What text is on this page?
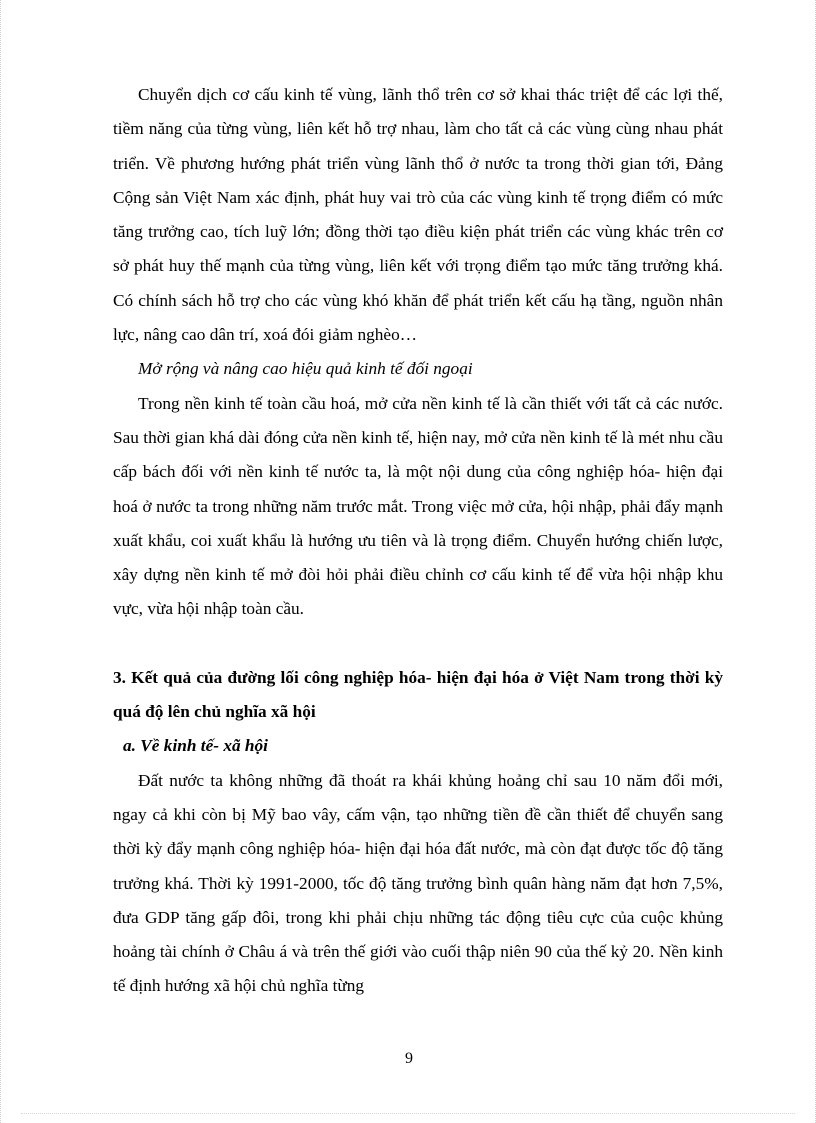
Chuyển dịch cơ cấu kinh tế vùng, lãnh thổ trên cơ sở khai thác triệt để các lợi thế, tiềm năng của từng vùng, liên kết hỗ trợ nhau, làm cho tất cả các vùng cùng nhau phát triển. Về phương hướng phát triển vùng lãnh thổ ở nước ta trong thời gian tới, Đảng Cộng sản Việt Nam xác định, phát huy vai trò của các vùng kinh tế trọng điểm có mức tăng trưởng cao, tích luỹ lớn; đồng thời tạo điều kiện phát triển các vùng khác trên cơ sở phát huy thế mạnh của từng vùng, liên kết với trọng điểm tạo mức tăng trưởng khá. Có chính sách hỗ trợ cho các vùng khó khăn để phát triển kết cấu hạ tầng, nguồn nhân lực, nâng cao dân trí, xoá đói giảm nghèo…

Mở rộng và nâng cao hiệu quả kinh tế đối ngoại

Trong nền kinh tế toàn cầu hoá, mở cửa nền kinh tế là cần thiết với tất cả các nước. Sau thời gian khá dài đóng cửa nền kinh tế, hiện nay, mở cửa nền kinh tế là mét nhu cầu cấp bách đối với nền kinh tế nước ta, là một nội dung của công nghiệp hóa- hiện đại hoá ở nước ta trong những năm trước mắt. Trong việc mở cửa, hội nhập, phải đẩy mạnh xuất khẩu, coi xuất khẩu là hướng ưu tiên và là trọng điểm. Chuyển hướng chiến lược, xây dựng nền kinh tế mở đòi hỏi phải điều chỉnh cơ cấu kinh tế để vừa hội nhập khu vực, vừa hội nhập toàn cầu.

3. Kết quả của đường lối công nghiệp hóa- hiện đại hóa ở Việt Nam trong thời kỳ quá độ lên chủ nghĩa xã hội

a. Về kinh tế- xã hội

Đất nước ta không những đã thoát ra khái khủng hoảng chỉ sau 10 năm đổi mới, ngay cả khi còn bị Mỹ bao vây, cấm vận, tạo những tiền đề cần thiết để chuyển sang thời kỳ đẩy mạnh công nghiệp hóa- hiện đại hóa đất nước, mà còn đạt được tốc độ tăng trưởng khá. Thời kỳ 1991-2000, tốc độ tăng trưởng bình quân hàng năm đạt hơn 7,5%, đưa GDP tăng gấp đôi, trong khi phải chịu những tác động tiêu cực của cuộc khủng hoảng tài chính ở Châu á và trên thế giới vào cuối thập niên 90 của thế kỷ 20. Nền kinh tế định hướng xã hội chủ nghĩa từng

9
